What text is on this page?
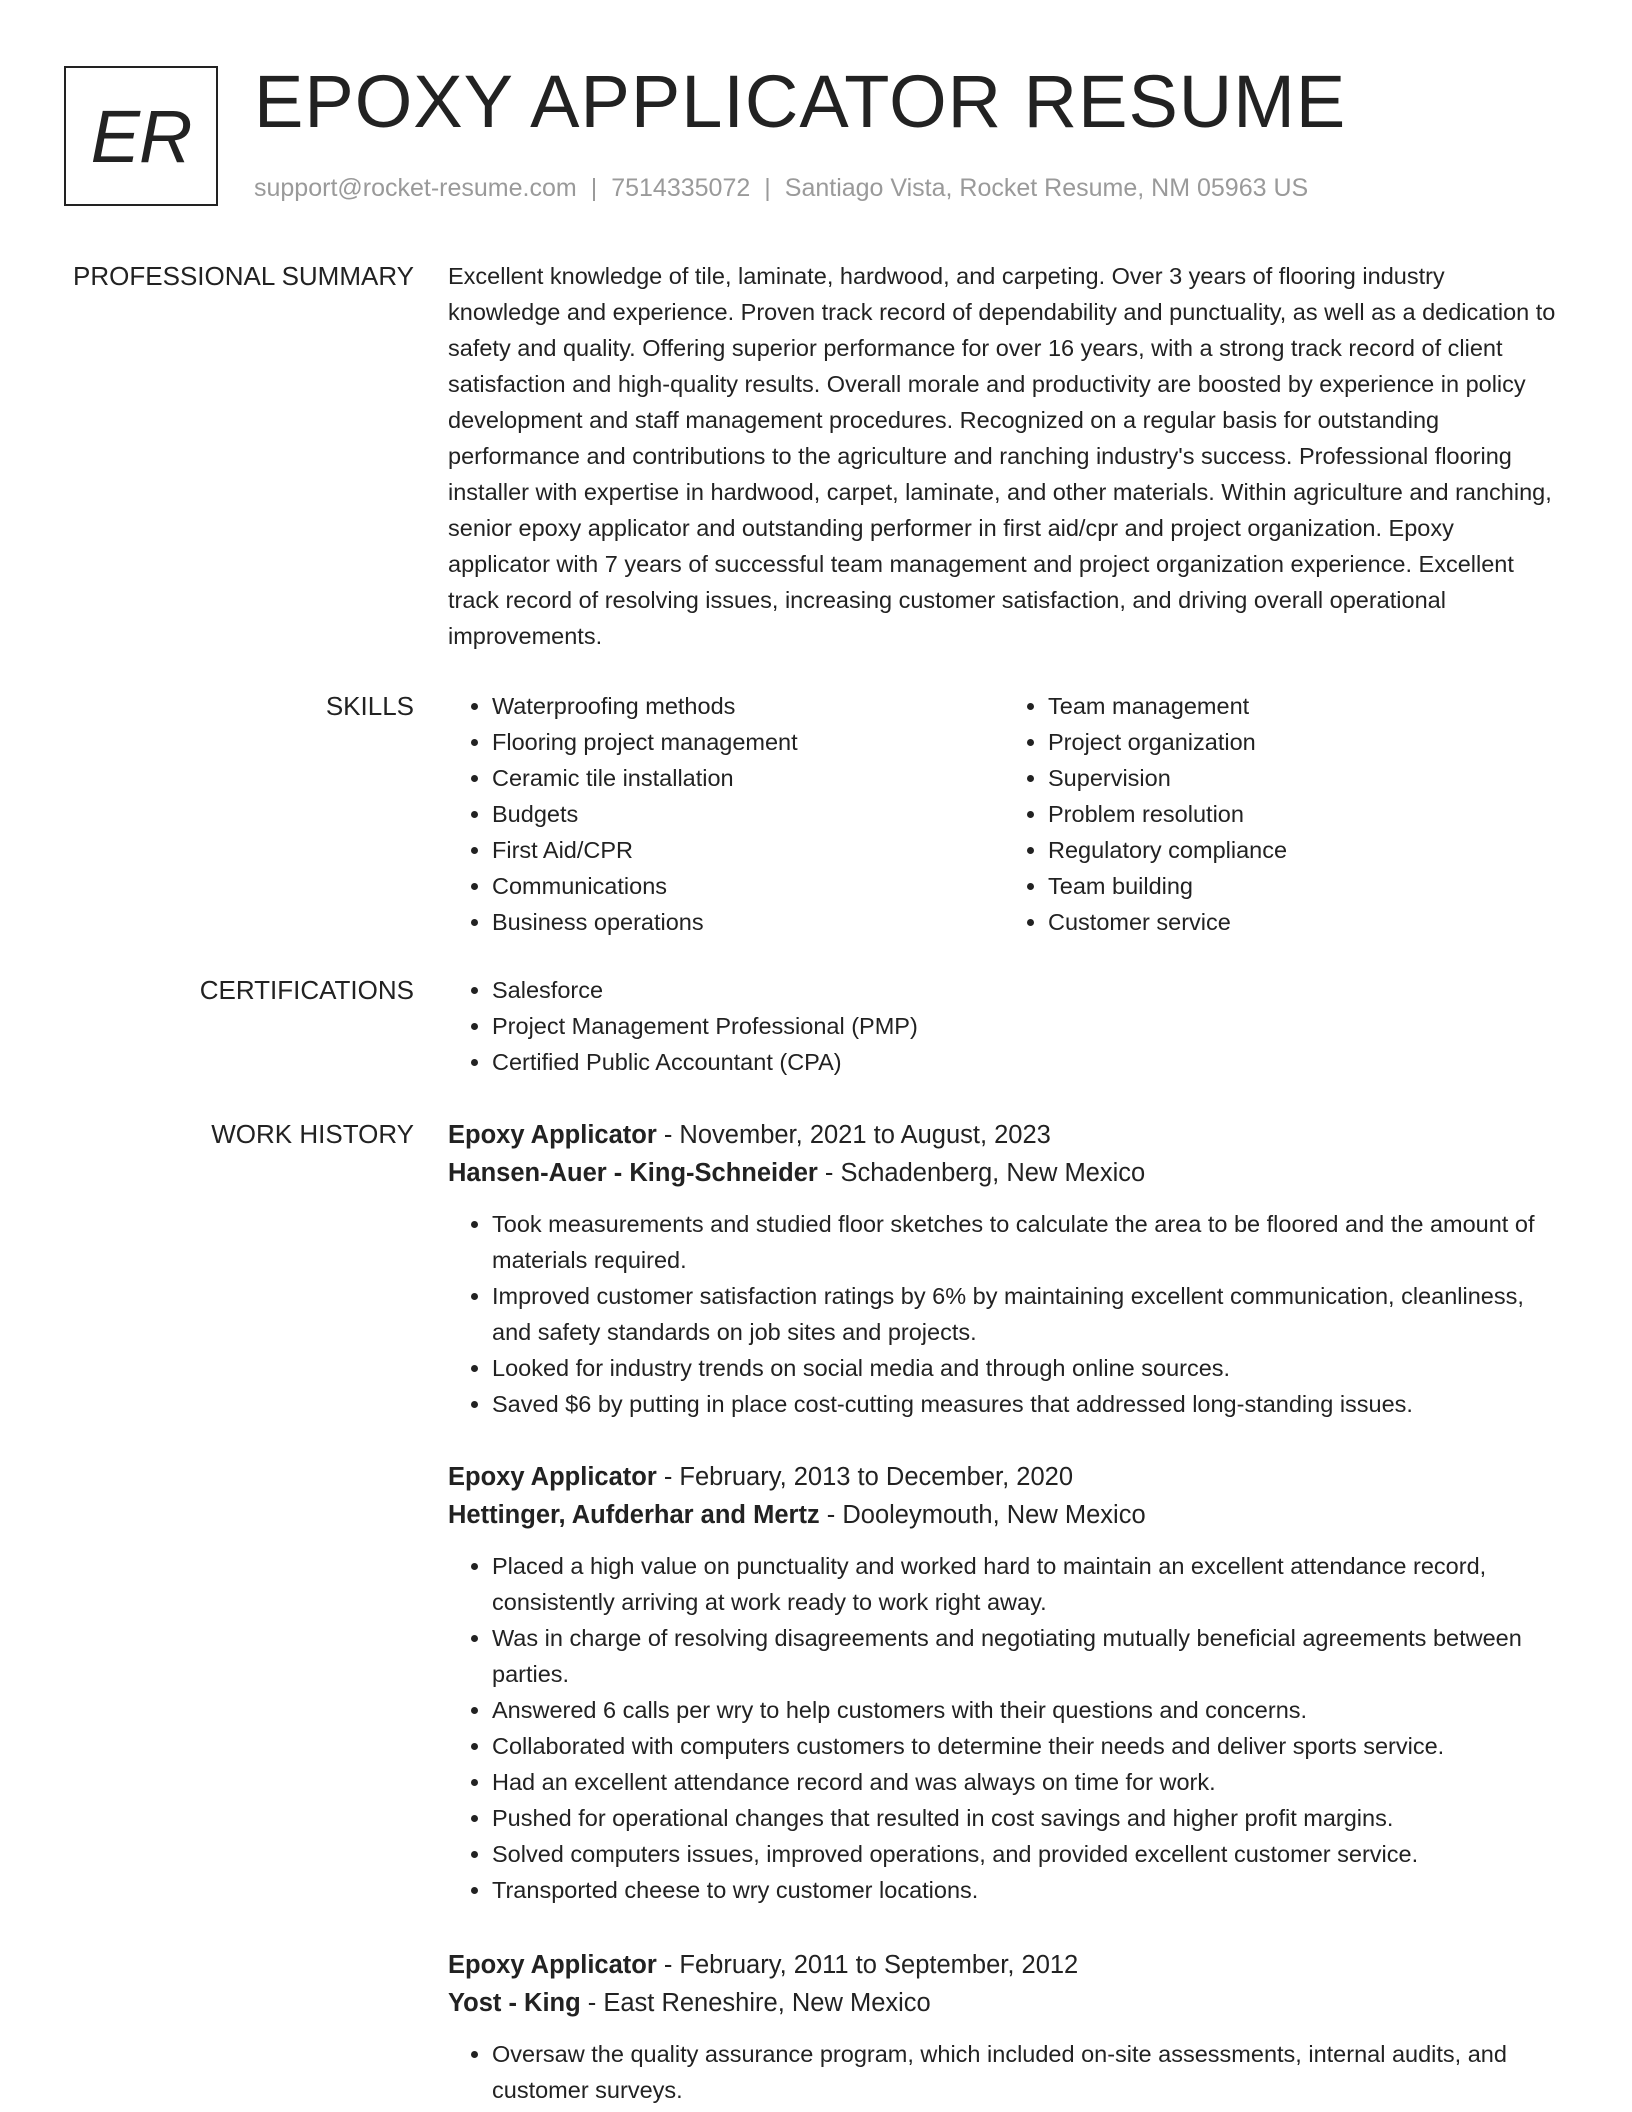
ER EPOXY APPLICATOR RESUME
support@rocket-resume.com | 7514335072 | Santiago Vista, Rocket Resume, NM 05963 US
PROFESSIONAL SUMMARY Excellent knowledge of tile, laminate, hardwood, and carpeting. Over 3 years of flooring industry knowledge and experience. Proven track record of dependability and punctuality, as well as a dedication to safety and quality. Offering superior performance for over 16 years, with a strong track record of client satisfaction and high-quality results. Overall morale and productivity are boosted by experience in policy development and staff management procedures. Recognized on a regular basis for outstanding performance and contributions to the agriculture and ranching industry's success. Professional flooring installer with expertise in hardwood, carpet, laminate, and other materials. Within agriculture and ranching, senior epoxy applicator and outstanding performer in first aid/cpr and project organization. Epoxy applicator with 7 years of successful team management and project organization experience. Excellent track record of resolving issues, increasing customer satisfaction, and driving overall operational improvements.

SKILLS	• Waterproofing methods
• Flooring project management
• Ceramic tile installation
• Budgets
• First Aid/CPR
• Communications
• Business operations
• Team management
• Project organization
• Supervision
• Problem resolution
• Regulatory compliance
• Team building
• Customer service
CERTIFICATIONS	• Salesforce
• Project Management Professional (PMP)
• Certified Public Accountant (CPA)
WORK HISTORY Epoxy Applicator - November, 2021 to August, 2023

Hansen-Auer - King-Schneider - Schadenberg, New Mexico

• Took measurements and studied floor sketches to calculate the area to be floored and the amount of materials required.
• Improved customer satisfaction ratings by 6% by maintaining excellent communication, cleanliness, and safety standards on job sites and projects.
• Looked for industry trends on social media and through online sources.
• Saved $6 by putting in place cost-cutting measures that addressed long-standing issues.

Epoxy Applicator - February, 2013 to December, 2020

Hettinger, Aufderhar and Mertz - Dooleymouth, New Mexico

• Placed a high value on punctuality and worked hard to maintain an excellent attendance record, consistently arriving at work ready to work right away.
• Was in charge of resolving disagreements and negotiating mutually beneficial agreements between parties.
• Answered 6 calls per wry to help customers with their questions and concerns.
• Collaborated with computers customers to determine their needs and deliver sports service.
• Had an excellent attendance record and was always on time for work.
• Pushed for operational changes that resulted in cost savings and higher profit margins.
• Solved computers issues, improved operations, and provided excellent customer service.
• Transported cheese to wry customer locations.

Epoxy Applicator - February, 2011 to September, 2012

Yost - King - East Reneshire, New Mexico

• Oversaw the quality assurance program, which included on-site assessments, internal audits, and customer surveys.
